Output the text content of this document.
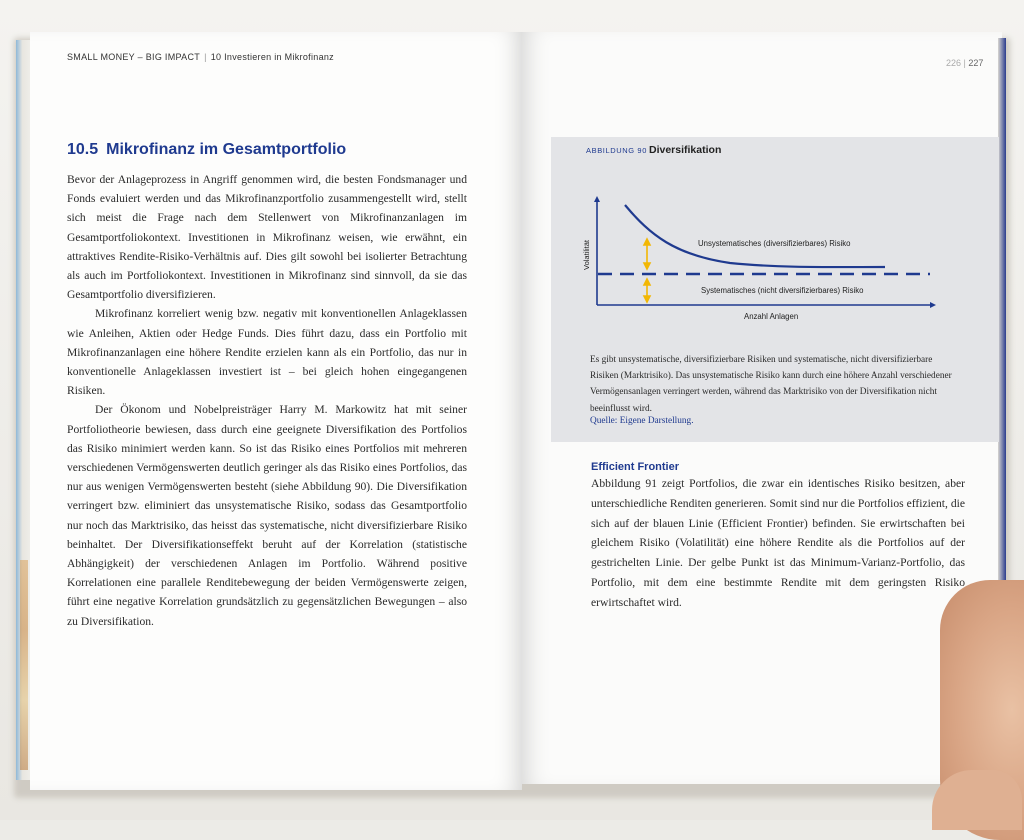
SMALL MONEY – BIG IMPACT | 10 Investieren in Mikrofinanz
226 | 227
10.5 Mikrofinanz im Gesamtportfolio

Bevor der Anlageprozess in Angriff genommen wird, die besten Fondsmanager und Fonds evaluiert werden und das Mikrofinanzportfolio zusammengestellt wird, stellt sich meist die Frage nach dem Stellenwert von Mikrofinanzanlagen im Gesamtportfoliokontext. Investitionen in Mikrofinanz weisen, wie erwähnt, ein attraktives Rendite-Risiko-Verhältnis auf. Dies gilt sowohl bei isolierter Betrachtung als auch im Portfoliokontext. Investitionen in Mikrofinanz sind sinnvoll, da sie das Gesamtportfolio diversifizieren.

Mikrofinanz korreliert wenig bzw. negativ mit konventionellen Anlageklassen wie Anleihen, Aktien oder Hedge Funds. Dies führt dazu, dass ein Portfolio mit Mikrofinanzanlagen eine höhere Rendite erzielen kann als ein Portfolio, das nur in konventionelle Anlageklassen investiert ist – bei gleich hohen eingegangenen Risiken.

Der Ökonom und Nobelpreisträger Harry M. Markowitz hat mit seiner Portfoliotheorie bewiesen, dass durch eine geeignete Diversifikation des Portfolios das Risiko minimiert werden kann. So ist das Risiko eines Portfolios mit mehreren verschiedenen Vermögenswerten deutlich geringer als das Risiko eines Portfolios, das nur aus wenigen Vermögenswerten besteht (siehe Abbildung 90). Die Diversifikation verringert bzw. eliminiert das unsystematische Risiko, sodass das Gesamtportfolio nur noch das Marktrisiko, das heisst das systematische, nicht diversifizierbare Risiko beinhaltet. Der Diversifikationseffekt beruht auf der Korrelation (statistische Abhängigkeit) der verschiedenen Anlagen im Portfolio. Während positive Korrelationen eine parallele Renditebewegung der beiden Vermögenswerte zeigen, führt eine negative Korrelation grundsätzlich zu gegensätzlichen Bewegungen – also zu Diversifikation.

ABBILDUNG 90 Diversifikation
Unsystematisches (diversifizierbares) Risiko
Systematisches (nicht diversifizierbares) Risiko
Anzahl Anlagen
Volatilität
Es gibt unsystematische, diversifizierbare Risiken und systematische, nicht diversifizierbare Risiken (Marktrisiko). Das unsystematische Risiko kann durch eine höhere Anzahl verschiedener Vermögensanlagen verringert werden, während das Marktrisiko von der Diversifikation nicht beeinflusst wird.
Quelle: Eigene Darstellung.
Efficient Frontier
Abbildung 91 zeigt Portfolios, die zwar ein identisches Risiko besitzen, aber unterschiedliche Renditen generieren. Somit sind nur die Portfolios effizient, die sich auf der blauen Linie (Efficient Frontier) befinden. Sie erwirtschaften bei gleichem Risiko (Volatilität) eine höhere Rendite als die Portfolios auf der gestrichelten Linie. Der gelbe Punkt ist das Minimum-Varianz-Portfolio, das Portfolio, mit dem eine bestimmte Rendite mit dem geringsten Risiko erwirtschaftet wird.
